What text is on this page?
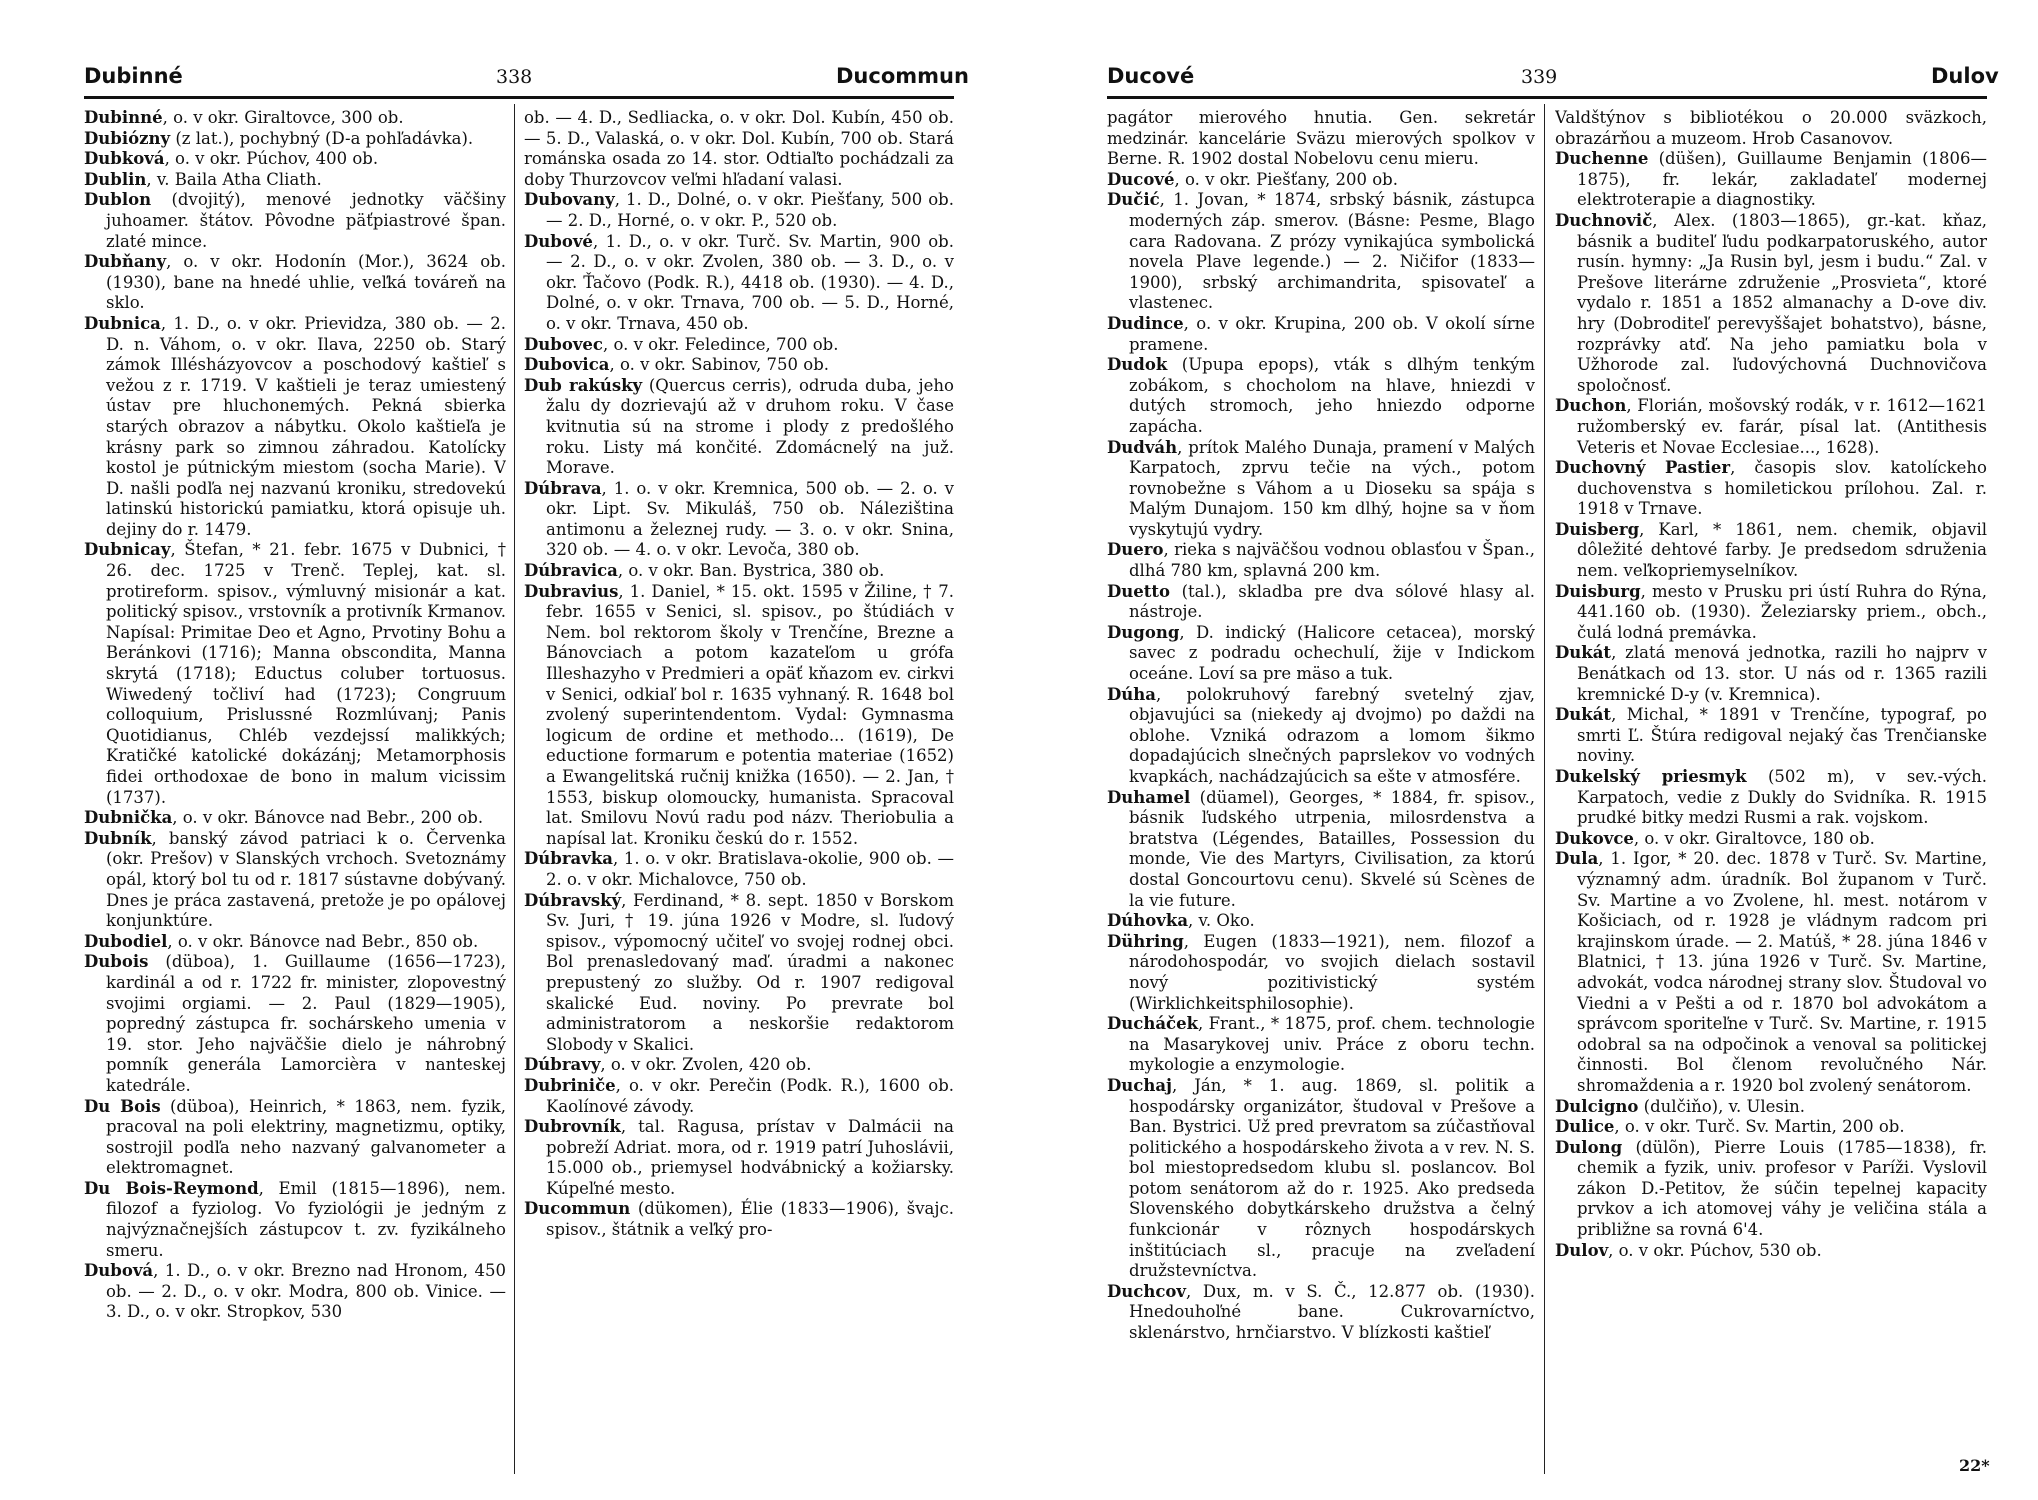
Dubinné	338	Ducommun

Dubinné, o. v okr. Giraltovce, 300 ob.

Dubiózny (z lat.), pochybný (D-a pohľadávka).

Dubková, o. v okr. Púchov, 400 ob.

Dublin, v. Baila Atha Cliath.

Dublon (dvojitý), menové jednotky väčšiny juhoamer. štátov. Pôvodne päťpiastrové špan. zlaté mince.

Dubňany, o. v okr. Hodonín (Mor.), 3624 ob. (1930), bane na hnedé uhlie, veľká továreň na sklo.

Dubnica, 1. D., o. v okr. Prievidza, 380 ob. — 2. D. n. Váhom, o. v okr. Ilava, 2250 ob. Starý zámok Illésházyovcov a poschodový kaštieľ s vežou z r. 1719. V kaštieli je teraz umiestený ústav pre hluchonemých. Pekná sbierka starých obrazov a nábytku. Okolo kaštieľa je krásny park so zimnou záhradou. Katolícky kostol je pútnickým miestom (socha Marie). V D. našli podľa nej nazvanú kroniku, stredovekú latinskú historickú pamiatku, ktorá opisuje uh. dejiny do r. 1479.

Dubnicay, Štefan, * 21. febr. 1675 v Dubnici, † 26. dec. 1725 v Trenč. Teplej, kat. sl. protireform. spisov., výmluvný misionár a kat. politický spisov., vrstovník a protivník Krmanov. Napísal: Primitae Deo et Agno, Prvotiny Bohu a Beránkovi (1716); Manna obscondita, Manna skrytá (1718); Eductus coluber tortuosus. Wiwedený točliví had (1723); Congruum colloquium, Prislussné Rozmlúvanj; Panis Quotidianus, Chléb vezdejssí malikkých; Kratičké katolické dokázánj; Metamorphosis fidei orthodoxae de bono in malum vicissim (1737).

Dubnička, o. v okr. Bánovce nad Bebr., 200 ob.

Dubník, banský závod patriaci k o. Červenka (okr. Prešov) v Slanských vrchoch. Svetoznámy opál, ktorý bol tu od r. 1817 sústavne dobývaný. Dnes je práca zastavená, pretože je po opálovej konjunktúre.

Dubodiel, o. v okr. Bánovce nad Bebr., 850 ob.

Dubois (düboa), 1. Guillaume (1656—1723), kardinál a od r. 1722 fr. minister, zlopovestný svojimi orgiami. — 2. Paul (1829—1905), popredný zástupca fr. sochárskeho umenia v 19. stor. Jeho najväčšie dielo je náhrobný pomník generála Lamorcièra v nanteskej katedrále.

Du Bois (düboa), Heinrich, * 1863, nem. fyzik, pracoval na poli elektriny, magnetizmu, optiky, sostrojil podľa neho nazvaný galvanometer a elektromagnet.

Du Bois-Reymond, Emil (1815—1896), nem. filozof a fyziolog. Vo fyziológii je jedným z najvýznačnejších zástupcov t. zv. fyzikálneho smeru.

Dubová, 1. D., o. v okr. Brezno nad Hronom, 450 ob. — 2. D., o. v okr. Modra, 800 ob. Vinice. — 3. D., o. v okr. Stropkov, 530

ob. — 4. D., Sedliacka, o. v okr. Dol. Kubín, 450 ob. — 5. D., Valaská, o. v okr. Dol. Kubín, 700 ob. Stará románska osada zo 14. stor. Odtiaľto pochádzali za doby Thurzovcov veľmi hľadaní valasi.

Dubovany, 1. D., Dolné, o. v okr. Piešťany, 500 ob. — 2. D., Horné, o. v okr. P., 520 ob.

Dubové, 1. D., o. v okr. Turč. Sv. Martin, 900 ob. — 2. D., o. v okr. Zvolen, 380 ob. — 3. D., o. v okr. Ťačovo (Podk. R.), 4418 ob. (1930). — 4. D., Dolné, o. v okr. Trnava, 700 ob. — 5. D., Horné, o. v okr. Trnava, 450 ob.

Dubovec, o. v okr. Feledince, 700 ob.

Dubovica, o. v okr. Sabinov, 750 ob.

Dub rakúsky (Quercus cerris), odruda duba, jeho žalu dy dozrievajú až v druhom roku. V čase kvitnutia sú na strome i plody z predošlého roku. Listy má končité. Zdomácnelý na juž. Morave.

Dúbrava, 1. o. v okr. Kremnica, 500 ob. — 2. o. v okr. Lipt. Sv. Mikuláš, 750 ob. Náleziština antimonu a železnej rudy. — 3. o. v okr. Snina, 320 ob. — 4. o. v okr. Levoča, 380 ob.

Dúbravica, o. v okr. Ban. Bystrica, 380 ob.

Dubravius, 1. Daniel, * 15. okt. 1595 v Žiline, † 7. febr. 1655 v Senici, sl. spisov., po štúdiách v Nem. bol rektorom školy v Trenčíne, Brezne a Bánovciach a potom kazateľom u grófa Illeshazyho v Predmieri a opäť kňazom ev. cirkvi v Senici, odkiaľ bol r. 1635 vyhnaný. R. 1648 bol zvolený superintendentom. Vydal: Gymnasma logicum de ordine et methodo... (1619), De eductione formarum e potentia materiae (1652) a Ewangelitská ručnij knižka (1650). — 2. Jan, † 1553, biskup olomoucky, humanista. Spracoval lat. Smilovu Novú radu pod názv. Theriobulia a napísal lat. Kroniku českú do r. 1552.

Dúbravka, 1. o. v okr. Bratislava-okolie, 900 ob. — 2. o. v okr. Michalovce, 750 ob.

Dúbravský, Ferdinand, * 8. sept. 1850 v Borskom Sv. Juri, † 19. júna 1926 v Modre, sl. ľudový spisov., výpomocný učiteľ vo svojej rodnej obci. Bol prenasledovaný maď. úradmi a nakonec prepustený zo služby. Od r. 1907 redigoval skalické Eud. noviny. Po prevrate bol administratorom a neskoršie redaktorom Slobody v Skalici.

Dúbravy, o. v okr. Zvolen, 420 ob.

Dubriniče, o. v okr. Perečin (Podk. R.), 1600 ob. Kaolínové závody.

Dubrovník, tal. Ragusa, prístav v Dalmácii na pobreží Adriat. mora, od r. 1919 patrí Juhoslávii, 15.000 ob., priemysel hodvábnický a kožiarsky. Kúpeľné mesto.

Ducommun (dükomen), Élie (1833—1906), švajc. spisov., štátnik a veľký pro-

Ducové	339	Dulov

pagátor mierového hnutia. Gen. sekretár medzinár. kancelárie Sväzu mierových spolkov v Berne. R. 1902 dostal Nobelovu cenu mieru.

Ducové, o. v okr. Piešťany, 200 ob.

Dučić, 1. Jovan, * 1874, srbský básnik, zástupca moderných záp. smerov. (Básne: Pesme, Blago cara Radovana. Z prózy vynikajúca symbolická novela Plave legende.) — 2. Ničifor (1833—1900), srbský archimandrita, spisovateľ a vlastenec.

Dudince, o. v okr. Krupina, 200 ob. V okolí sírne pramene.

Dudok (Upupa epops), vták s dlhým tenkým zobákom, s chocholom na hlave, hniezdi v dutých stromoch, jeho hniezdo odporne zapácha.

Dudváh, prítok Malého Dunaja, pramení v Malých Karpatoch, zprvu tečie na vých., potom rovnobežne s Váhom a u Dioseku sa spája s Malým Dunajom. 150 km dlhý, hojne sa v ňom vyskytujú vydry.

Duero, rieka s najväčšou vodnou oblasťou v Špan., dlhá 780 km, splavná 200 km.

Duetto (tal.), skladba pre dva sólové hlasy al. nástroje.

Dugong, D. indický (Halicore cetacea), morský savec z podradu ochechulí, žije v Indickom oceáne. Loví sa pre mäso a tuk.

Dúha, polokruhový farebný svetelný zjav, objavujúci sa (niekedy aj dvojmo) po daždi na oblohe. Vzniká odrazom a lomom šikmo dopadajúcich slnečných paprslekov vo vodných kvapkách, nachádzajúcich sa ešte v atmosfére.

Duhamel (düamel), Georges, * 1884, fr. spisov., básnik ľudského utrpenia, milosrdenstva a bratstva (Légendes, Batailles, Possession du monde, Vie des Martyrs, Civilisation, za ktorú dostal Goncourtovu cenu). Skvelé sú Scènes de la vie future.

Dúhovka, v. Oko.

Dühring, Eugen (1833—1921), nem. filozof a národohospodár, vo svojich dielach sostavil nový pozitivistický systém (Wirklichkeitsphilosophie).

Ducháček, Frant., * 1875, prof. chem. technologie na Masarykovej univ. Práce z oboru techn. mykologie a enzymologie.

Duchaj, Ján, * 1. aug. 1869, sl. politik a hospodársky organizátor, študoval v Prešove a Ban. Bystrici. Už pred prevratom sa zúčastňoval politického a hospodárskeho života a v rev. N. S. bol miestopredsedom klubu sl. poslancov. Bol potom senátorom až do r. 1925. Ako predseda Slovenského dobytkárskeho družstva a čelný funkcionár v rôznych hospodárskych inštitúciach sl., pracuje na zveľadení družstevníctva.

Duchcov, Dux, m. v S. Č., 12.877 ob. (1930). Hnedouhoľné bane. Cukrovarníctvo, sklenárstvo, hrnčiarstvo. V blízkosti kaštieľ

Valdštýnov s bibliotékou o 20.000 sväzkoch, obrazárňou a muzeom. Hrob Casanovov.

Duchenne (düšen), Guillaume Benjamin (1806—1875), fr. lekár, zakladateľ modernej elektroterapie a diagnostiky.

Duchnovič, Alex. (1803—1865), gr.-kat. kňaz, básnik a buditeľ ľudu podkarpatoruského, autor rusín. hymny: „Ja Rusin byl, jesm i budu.“ Zal. v Prešove literárne združenie „Prosvieta“, ktoré vydalo r. 1851 a 1852 almanachy a D-ove div. hry (Dobroditeľ perevyššajet bohatstvo), básne, rozprávky atď. Na jeho pamiatku bola v Užhorode zal. ľudovýchovná Duchnovičova spoločnosť.

Duchon, Florián, mošovský rodák, v r. 1612—1621 ružomberský ev. farár, písal lat. (Antithesis Veteris et Novae Ecclesiae..., 1628).

Duchovný Pastier, časopis slov. katolíckeho duchovenstva s homiletickou prílohou. Zal. r. 1918 v Trnave.

Duisberg, Karl, * 1861, nem. chemik, objavil dôležité dehtové farby. Je predsedom sdruženia nem. veľkopriemyselníkov.

Duisburg, mesto v Prusku pri ústí Ruhra do Rýna, 441.160 ob. (1930). Železiarsky priem., obch., čulá lodná premávka.

Dukát, zlatá menová jednotka, razili ho najprv v Benátkach od 13. stor. U nás od r. 1365 razili kremnické D-y (v. Kremnica).

Dukát, Michal, * 1891 v Trenčíne, typograf, po smrti Ľ. Štúra redigoval nejaký čas Trenčianske noviny.

Dukelský priesmyk (502 m), v sev.-vých. Karpatoch, vedie z Dukly do Svidníka. R. 1915 prudké bitky medzi Rusmi a rak. vojskom.

Dukovce, o. v okr. Giraltovce, 180 ob.

Dula, 1. Igor, * 20. dec. 1878 v Turč. Sv. Martine, významný adm. úradník. Bol županom v Turč. Sv. Martine a vo Zvolene, hl. mest. notárom v Košiciach, od r. 1928 je vládnym radcom pri krajinskom úrade. — 2. Matúš, * 28. júna 1846 v Blatnici, † 13. júna 1926 v Turč. Sv. Martine, advokát, vodca národnej strany slov. Študoval vo Viedni a v Pešti a od r. 1870 bol advokátom a správcom sporiteľne v Turč. Sv. Martine, r. 1915 odobral sa na odpočinok a venoval sa politickej činnosti. Bol členom revolučného Nár. shromaždenia a r. 1920 bol zvolený senátorom.

Dulcigno (dulčiňo), v. Ulesin.

Dulice, o. v okr. Turč. Sv. Martin, 200 ob.

Dulong (dülõn), Pierre Louis (1785—1838), fr. chemik a fyzik, univ. profesor v Paríži. Vyslovil zákon D.-Petitov, že súčin tepelnej kapacity prvkov a ich atomovej váhy je veličina stála a približne sa rovná 6'4.

Dulov, o. v okr. Púchov, 530 ob.

22*
